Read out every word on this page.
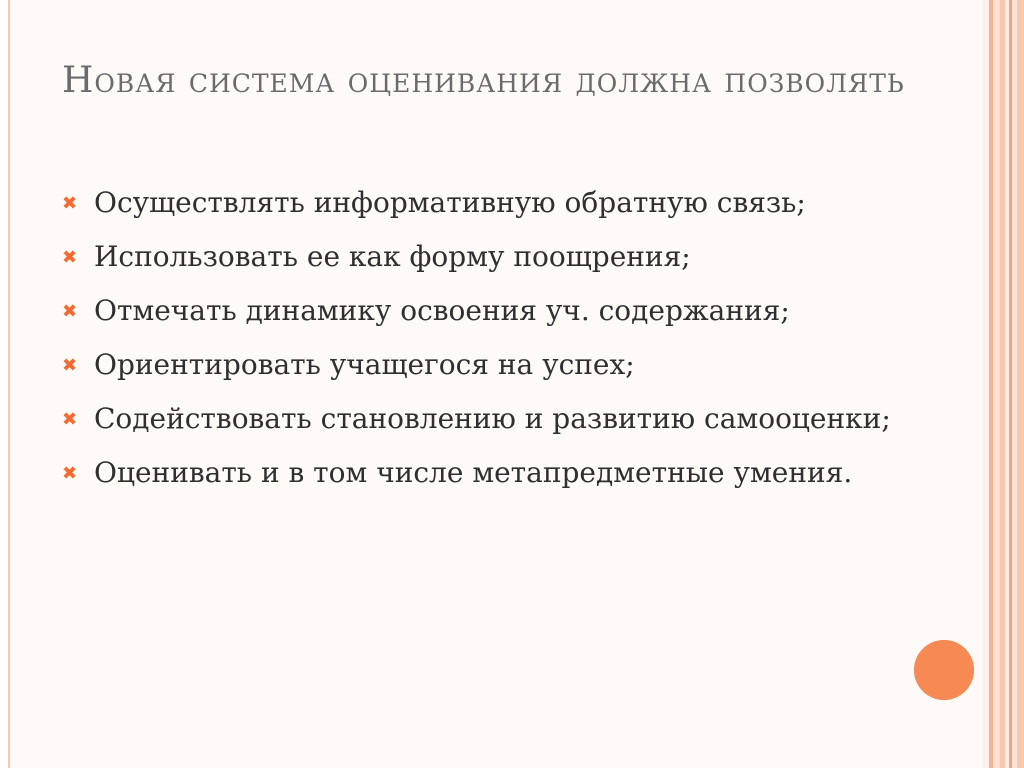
Новая система оценивания должна позволять
✖ Осуществлять информативную обратную связь;
✖ Использовать ее как форму поощрения;
✖ Отмечать динамику освоения уч. содержания;
✖ Ориентировать учащегося на успех;
✖ Содействовать становлению и развитию самооценки;
✖ Оценивать и в том числе метапредметные умения.
